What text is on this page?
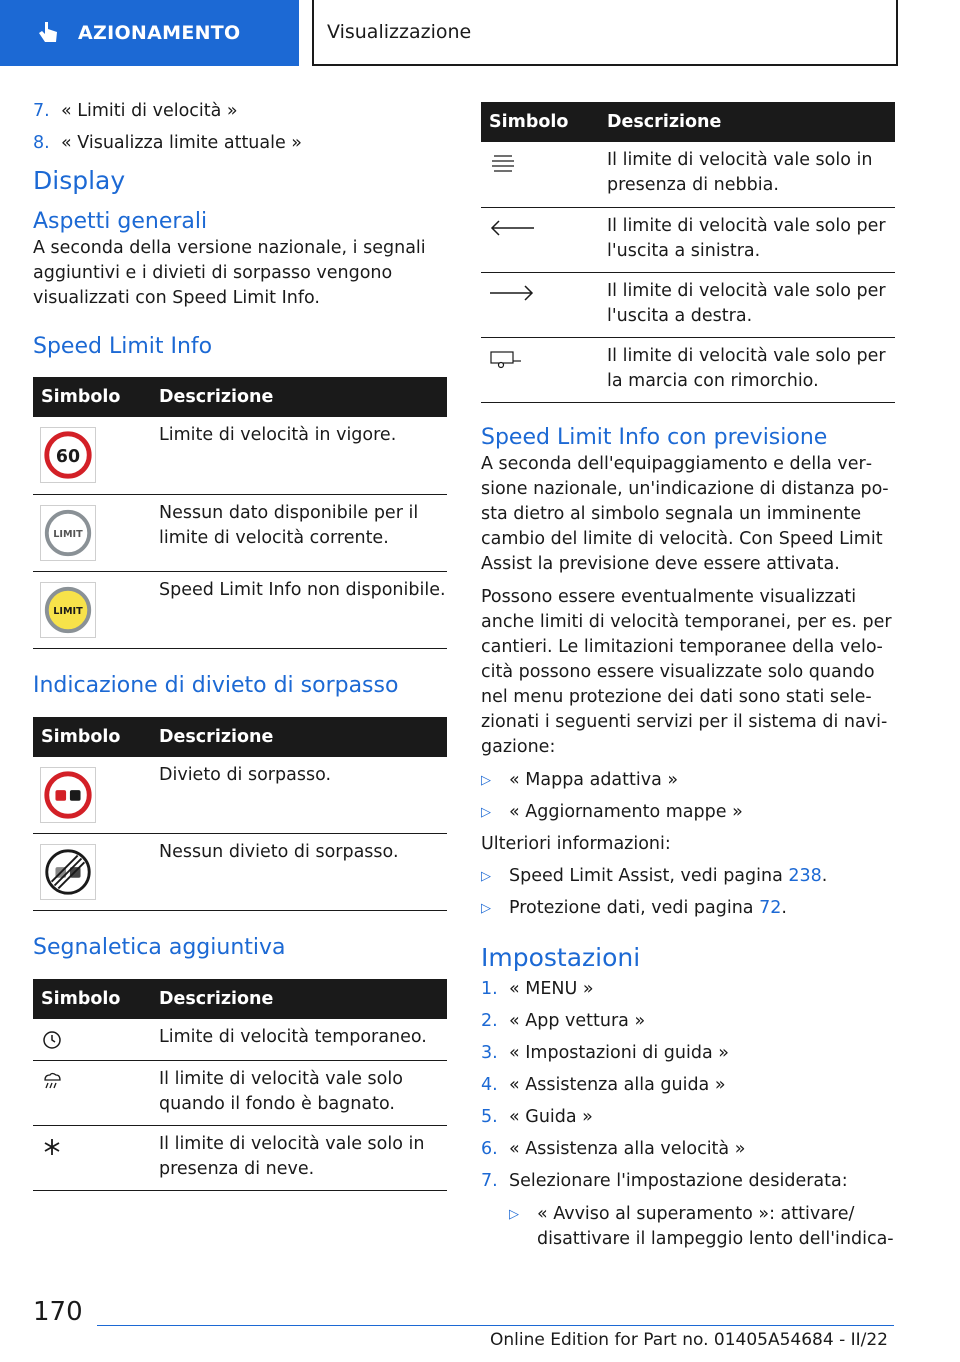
AZIONAMENTO	Visualizzazione
7. « Limiti di velocità »
8. « Visualizza limite attuale »
Display
Aspetti generali

A seconda della versione nazionale, i segnali aggiuntivi e i divieti di sorpasso vengono visualizzati con Speed Limit Info.

Speed Limit Info
Simbolo	Descrizione

60	Limite di velocità in vigore.

LIMIT	Nessun dato disponibile per il limite di velocità corrente.

LIMIT	Speed Limit Info non disponibile.
Indicazione di divieto di sorpasso
Simbolo	Descrizione

	Divieto di sorpasso.

	Nessun divieto di sorpasso.
Segnaletica aggiuntiva
Simbolo	Descrizione
	Limite di velocità temporaneo.
	Il limite di velocità vale solo quando il fondo è bagnato.
	Il limite di velocità vale solo in presenza di neve.
Simbolo	Descrizione
	Il limite di velocità vale solo in presenza di nebbia.
	Il limite di velocità vale solo per l'uscita a sinistra.
	Il limite di velocità vale solo per l'uscita a destra.
	Il limite di velocità vale solo per la marcia con rimorchio.
Speed Limit Info con previsione

A seconda dell'equipaggiamento e della versione nazionale, un'indicazione di distanza posta dietro al simbolo segnala un imminente cambio del limite di velocità. Con Speed Limit Assist la previsione deve essere attivata.

Possono essere eventualmente visualizzati anche limiti di velocità temporanei, per es. per cantieri. Le limitazioni temporanee della velocità possono essere visualizzate solo quando nel menu protezione dei dati sono stati selezionati i seguenti servizi per il sistema di navigazione:

▷	« Mappa adattiva »
▷	« Aggiornamento mappe »

Ulteriori informazioni:

▷	Speed Limit Assist, vedi pagina 238.
▷	Protezione dati, vedi pagina 72.
Impostazioni
1. « MENU »
2. « App vettura »
3. « Impostazioni di guida »
4. « Assistenza alla guida »
5. « Guida »
6. « Assistenza alla velocità »
7. Selezionare l'impostazione desiderata:
▷	« Avviso al superamento »: attivare/ disattivare il lampeggio lento dell'indica-
170
Online Edition for Part no. 01405A54684 - II/22
